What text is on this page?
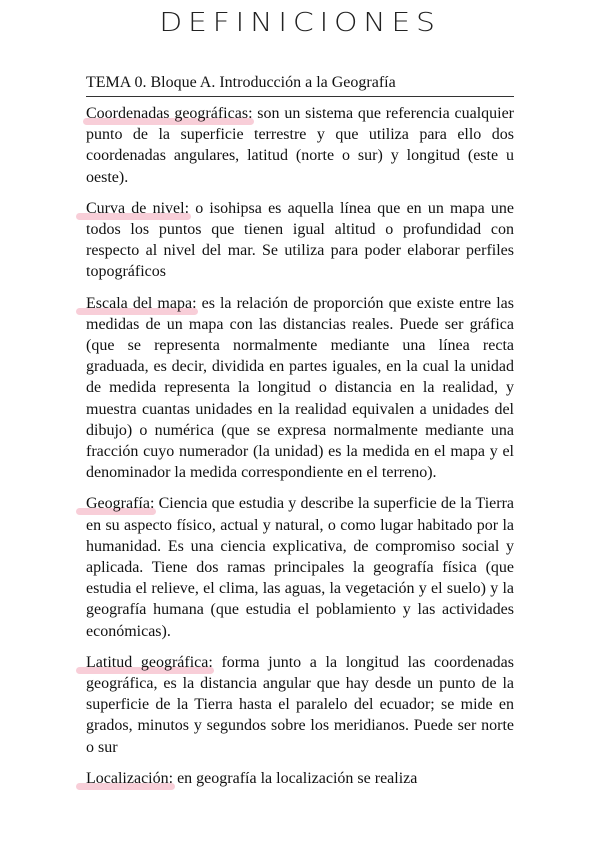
DEFINICIONES
TEMA 0. Bloque A. Introducción a la Geografía

Coordenadas geográficas: son un sistema que referencia cualquier punto de la superficie terrestre y que utiliza para ello dos coordenadas angulares, latitud (norte o sur) y longitud (este u oeste).

Curva de nivel: o isohipsa es aquella línea que en un mapa une todos los puntos que tienen igual altitud o profundidad con respecto al nivel del mar. Se utiliza para poder elaborar perfiles topográficos

Escala del mapa: es la relación de proporción que existe entre las medidas de un mapa con las distancias reales. Puede ser gráfica (que se representa normalmente mediante una línea recta graduada, es decir, dividida en partes iguales, en la cual la unidad de medida representa la longitud o distancia en la realidad, y muestra cuantas unidades en la realidad equivalen a unidades del dibujo) o numérica (que se expresa normalmente mediante una fracción cuyo numerador (la unidad) es la medida en el mapa y el denominador la medida correspondiente en el terreno).

Geografía: Ciencia que estudia y describe la superficie de la Tierra en su aspecto físico, actual y natural, o como lugar habitado por la humanidad. Es una ciencia explicativa, de compromiso social y aplicada. Tiene dos ramas principales la geografía física (que estudia el relieve, el clima, las aguas, la vegetación y el suelo) y la geografía humana (que estudia el poblamiento y las actividades económicas).

Latitud geográfica: forma junto a la longitud las coordenadas geográfica, es la distancia angular que hay desde un punto de la superficie de la Tierra hasta el paralelo del ecuador; se mide en grados, minutos y segundos sobre los meridianos. Puede ser norte o sur

Localización: en geografía la localización se realiza
